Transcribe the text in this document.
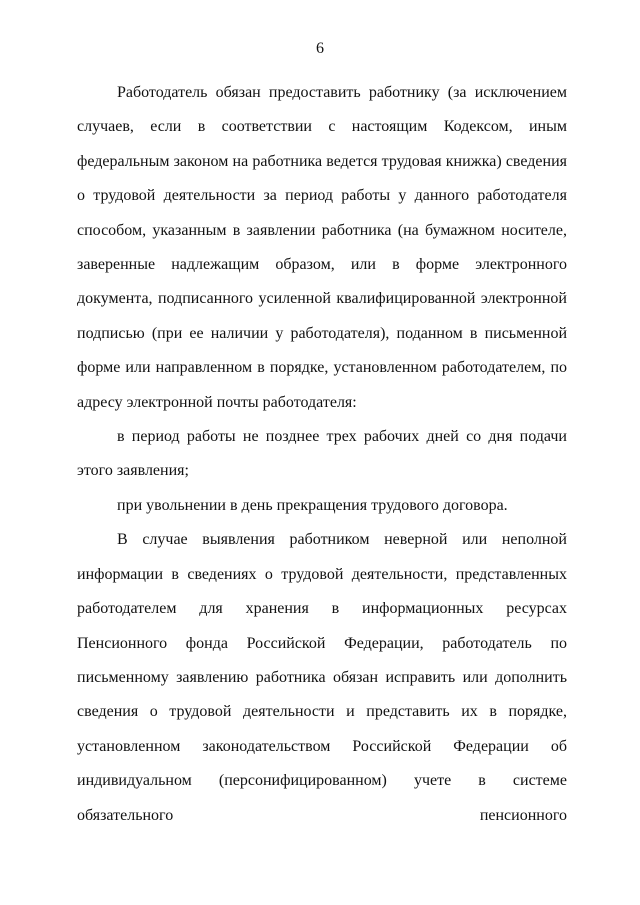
6

Работодатель обязан предоставить работнику (за исключением случаев, если в соответствии с настоящим Кодексом, иным федеральным законом на работника ведется трудовая книжка) сведения о трудовой деятельности за период работы у данного работодателя способом, указанным в заявлении работника (на бумажном носителе, заверенные надлежащим образом, или в форме электронного документа, подписанного усиленной квалифицированной электронной подписью (при ее наличии у работодателя), поданном в письменной форме или направленном в порядке, установленном работодателем, по адресу электронной почты работодателя:

в период работы не позднее трех рабочих дней со дня подачи этого заявления;

при увольнении в день прекращения трудового договора.

В случае выявления работником неверной или неполной информации в сведениях о трудовой деятельности, представленных работодателем для хранения в информационных ресурсах Пенсионного фонда Российской Федерации, работодатель по письменному заявлению работника обязан исправить или дополнить сведения о трудовой деятельности и представить их в порядке, установленном законодательством Российской Федерации об индивидуальном (персонифицированном) учете в системе обязательного пенсионного
